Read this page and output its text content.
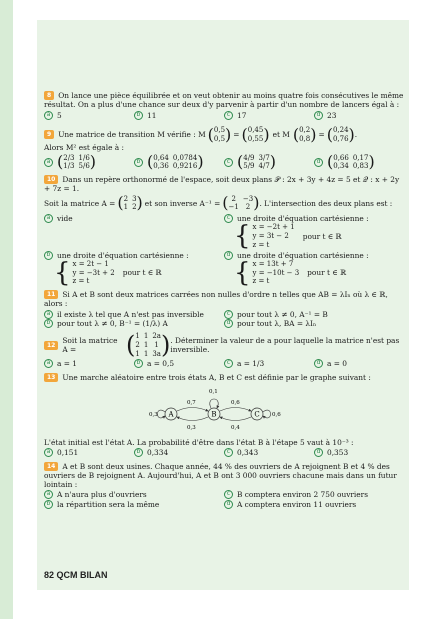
8 On lance une pièce équilibrée et on veut obtenir au moins quatre fois consécutives le même résultat. On a plus d'une chance sur deux d'y parvenir à partir d'un nombre de lancers égal à :
a 5	b 11	c 17	d 23
9 Une matrice de transition M vérifie : M ( 0,5
0,5 ) = ( 0,45
0,55 ) et M ( 0,2
0,8 ) = ( 0,24
0,76 ) .
Alors M² est égale à :
a ( 2/3 1/6
1/3 5/6 )	b ( 0,64 0,0784
0,36 0,9216 )	c ( 4/9 3/7
5/9 4/7 )	d ( 0,66 0,17
0,34 0,83 )
10 Dans un repère orthonormé de l'espace, soit deux plans 𝒫 : 2x + 3y + 4z = 5 et 𝒬 : x + 2y + 7z = 1.
Soit la matrice A = ( 2 3
1 2 ) et son inverse A⁻¹ = ( 2 −3
−1 2 ) . L'intersection des deux plans est :
a vide	c une droite d'équation cartésienne :
{ x = −2t + 1
y = 3t − 2
z = t
pour t ∈ ℝ
b une droite d'équation cartésienne :
{ x = 2t − 1
y = −3t + 2
z = t
pour t ∈ ℝ
d une droite d'équation cartésienne :
{ x = 13t + 7
y = −10t − 3
z = t
pour t ∈ ℝ
11 Si A et B sont deux matrices carrées non nulles d'ordre n telles que AB = λIₙ où λ ∈ ℝ, alors :
a il existe λ tel que A n'est pas inversible	c pour tout λ ≠ 0, A⁻¹ = B
b pour tout λ ≠ 0, B⁻¹ = (1/λ) A	d pour tout λ, BA = λIₙ
12
Soit la matrice A =	( 1 1 2a
2 1 1
1 1 3a ) . Déterminer la valeur de a pour laquelle la matrice n'est pas inversible.
a a = 1	b a = 0,5	c a = 1/3	d a = 0
13 Une marche aléatoire entre trois états A, B et C est définie par le graphe suivant :
A	B	C
0,3
0,7
0,3
0,1
0,6
0,4
0,6
L'état initial est l'état A. La probabilité d'être dans l'état B à l'étape 5 vaut à 10⁻³ :
a 0,151	b 0,334	c 0,343	d 0,353
14 A et B sont deux usines. Chaque année, 44 % des ouvriers de A rejoignent B et 4 % des ouvriers de B rejoignent A. Aujourd'hui, A et B ont 3 000 ouvriers chacune mais dans un futur lointain :
a A n'aura plus d'ouvriers	c B comptera environ 2 750 ouvriers
b la répartition sera la même	d A comptera environ 11 ouvriers
82 QCM BILAN
